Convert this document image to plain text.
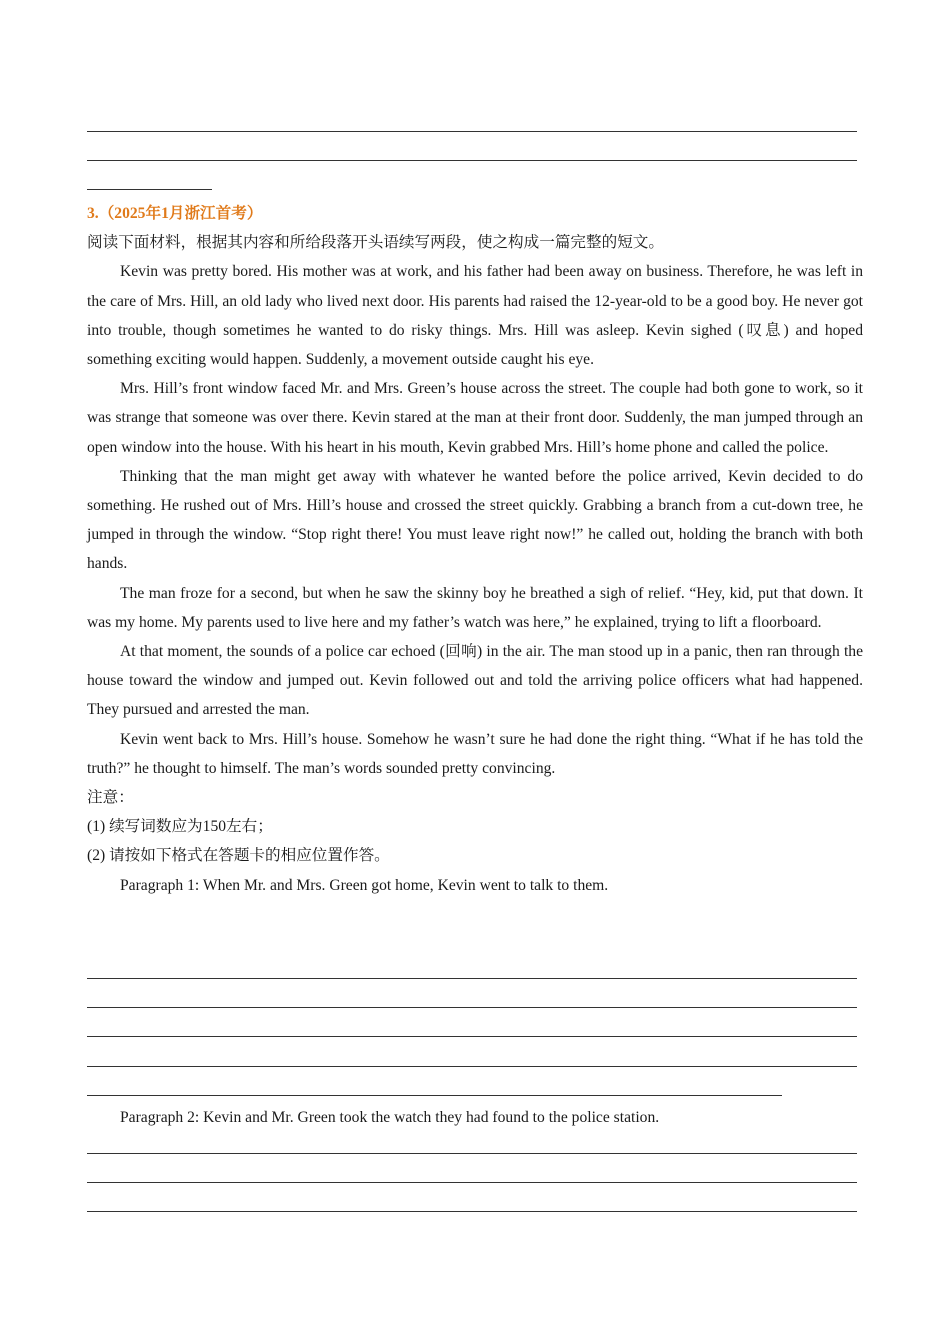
3.（2025年1月浙江首考）

阅读下面材料，根据其内容和所给段落开头语续写两段，使之构成一篇完整的短文。

Kevin was pretty bored. His mother was at work, and his father had been away on business. Therefore, he was left in the care of Mrs. Hill, an old lady who lived next door. His parents had raised the 12-year-old to be a good boy. He never got into trouble, though sometimes he wanted to do risky things. Mrs. Hill was asleep. Kevin sighed (叹息) and hoped something exciting would happen. Suddenly, a movement outside caught his eye.

Mrs. Hill’s front window faced Mr. and Mrs. Green’s house across the street. The couple had both gone to work, so it was strange that someone was over there. Kevin stared at the man at their front door. Suddenly, the man jumped through an open window into the house. With his heart in his mouth, Kevin grabbed Mrs. Hill’s home phone and called the police.

Thinking that the man might get away with whatever he wanted before the police arrived, Kevin decided to do something. He rushed out of Mrs. Hill’s house and crossed the street quickly. Grabbing a branch from a cut-down tree, he jumped in through the window. “Stop right there! You must leave right now!” he called out, holding the branch with both hands.

The man froze for a second, but when he saw the skinny boy he breathed a sigh of relief. “Hey, kid, put that down. It was my home. My parents used to live here and my father’s watch was here,” he explained, trying to lift a floorboard.

At that moment, the sounds of a police car echoed (回响) in the air. The man stood up in a panic, then ran through the house toward the window and jumped out. Kevin followed out and told the arriving police officers what had happened. They pursued and arrested the man.

Kevin went back to Mrs. Hill’s house. Somehow he wasn’t sure he had done the right thing. “What if he has told the truth?” he thought to himself. The man’s words sounded pretty convincing.

注意：

(1) 续写词数应为150左右；

(2) 请按如下格式在答题卡的相应位置作答。

Paragraph 1: When Mr. and Mrs. Green got home, Kevin went to talk to them.

Paragraph 2: Kevin and Mr. Green took the watch they had found to the police station.
